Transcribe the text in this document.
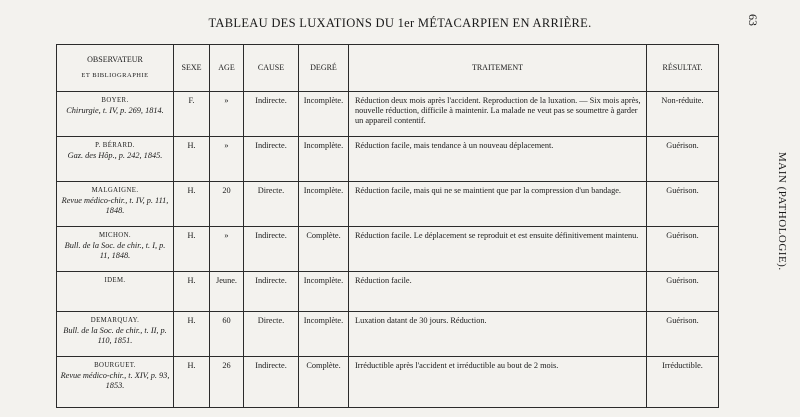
TABLEAU DES LUXATIONS DU 1er MÉTACARPIEN EN ARRIÈRE.	63
MAIN (PATHOLOGIE).
OBSERVATEUR
ET BIBLIOGRAPHIE	SEXE	AGE	CAUSE	DEGRÉ	TRAITEMENT	RÉSULTAT.

BOYER.
Chirurgie, t. IV, p. 269, 1814.	F.	»	Indirecte.	Incomplète.	Réduction deux mois après l'accident. Reproduction de la luxation. — Six mois après, nouvelle réduction, difficile à maintenir. La malade ne veut pas se soumettre à garder un appareil contentif.	Non-réduite.

P. BÉRARD.
Gaz. des Hôp., p. 242, 1845.	H.	»	Indirecte.	Incomplète.	Réduction facile, mais tendance à un nouveau déplacement.	Guérison.

MALGAIGNE.
Revue médico-chir., t. IV, p. 111, 1848.	H.	20	Directe.	Incomplète.	Réduction facile, mais qui ne se maintient que par la compression d'un bandage.	Guérison.

MICHON.
Bull. de la Soc. de chir., t. I, p. 11, 1848.	H.	»	Indirecte.	Complète.	Réduction facile. Le déplacement se reproduit et est ensuite définitivement maintenu.	Guérison.

IDEM.	H.	Jeune.	Indirecte.	Incomplète.	Réduction facile.	Guérison.

DEMARQUAY.
Bull. de la Soc. de chir., t. II, p. 110, 1851.	H.	60	Directe.	Incomplète.	Luxation datant de 30 jours. Réduction.	Guérison.

BOURGUET.
Revue médico-chir., t. XIV, p. 93, 1853.	H.	26	Indirecte.	Complète.	Irréductible après l'accident et irréductible au bout de 2 mois.	Irréductible.
